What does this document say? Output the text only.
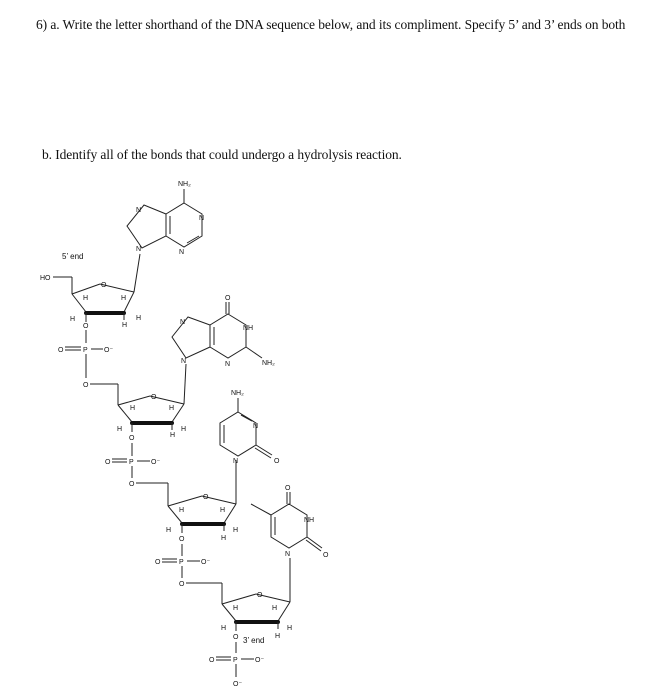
6) a. Write the letter shorthand of the DNA sequence below, and its compliment. Specify 5’ and 3’ ends on both
b. Identify all of the bonds that could undergo a hydrolysis reaction.
5’ end
HO
O
H	H
H	H
H
O
P
O	O⁻
O
NH₂
N
N
N
N
O
H	H
H	H
H
O
P
O	O⁻
O
O
NH
N	NH₂
N
N
O
H	H
H	H
H
O
P
O	O⁻
O
NH₂
N
N	O
O
H	H
H	H
H
O 3’ end
P
O	O⁻
O⁻
O
NH
N	O
